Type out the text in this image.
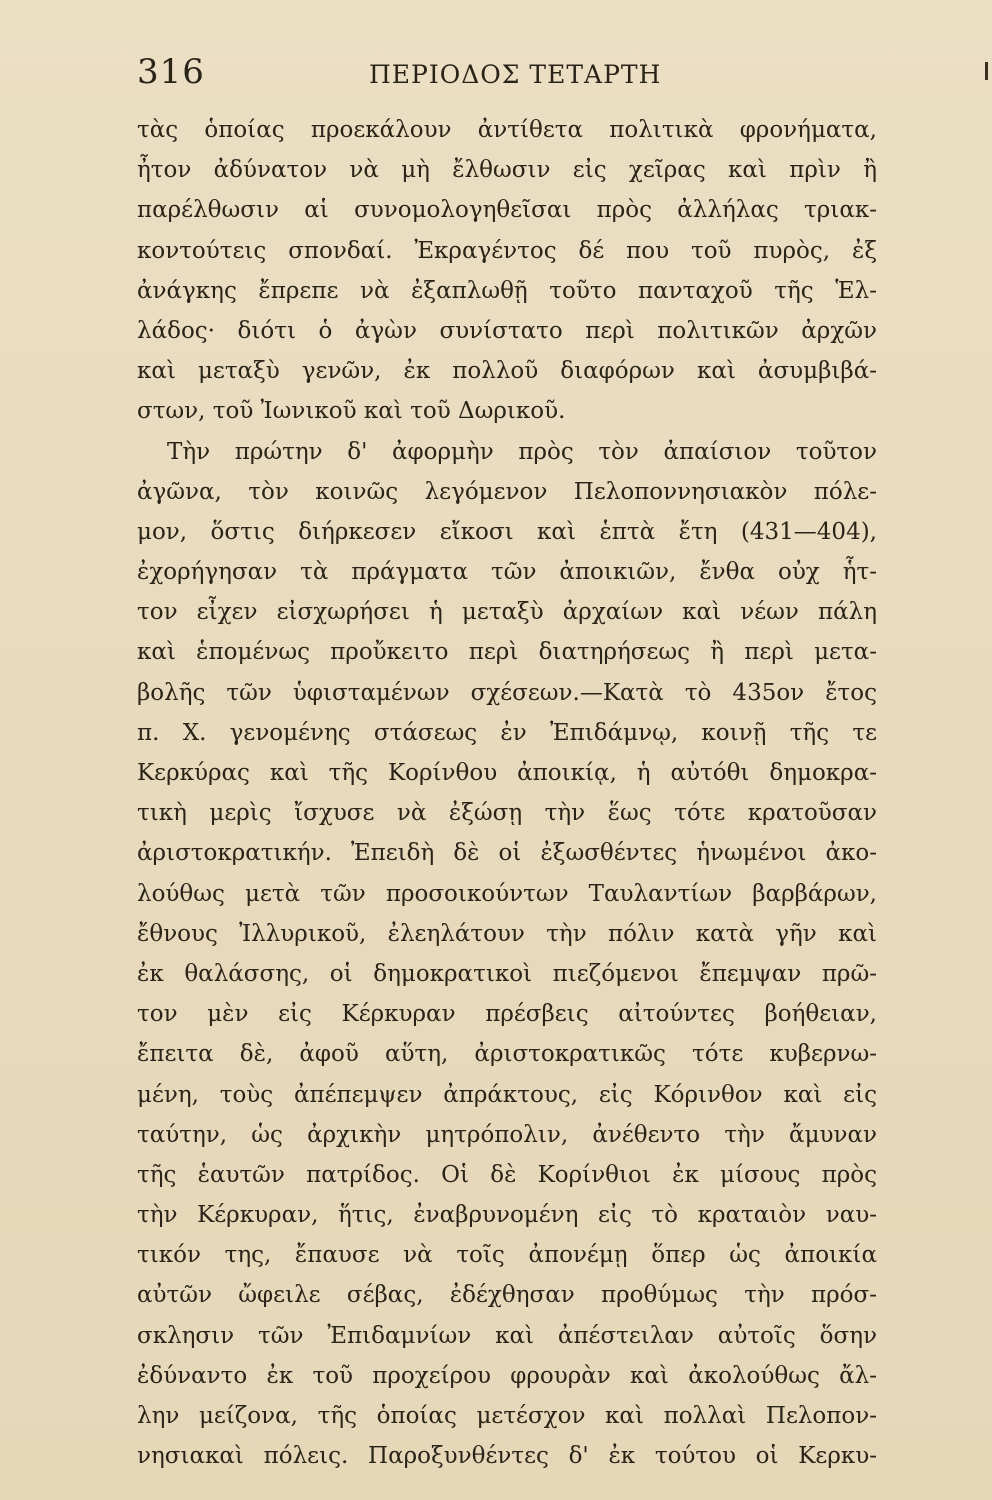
316	ΠΕΡΙΟΔΟΣ ΤΕΤΑΡΤΗ
τὰς ὁποίας προεκάλουν ἀντίθετα πολιτικὰ φρονήματα,
ἦτον ἀδύνατον νὰ μὴ ἔλθωσιν εἰς χεῖρας καὶ πρὶν ἢ
παρέλθωσιν αἱ συνομολογηθεῖσαι πρὸς ἀλλήλας τριακ-
κοντούτεις σπονδαί. Ἐκραγέντος δέ που τοῦ πυρὸς, ἐξ
ἀνάγκης ἔπρεπε νὰ ἐξαπλωθῇ τοῦτο πανταχοῦ τῆς Ἑλ-
λάδος· διότι ὁ ἀγὼν συνίστατο περὶ πολιτικῶν ἀρχῶν
καὶ μεταξὺ γενῶν, ἐκ πολλοῦ διαφόρων καὶ ἀσυμβιβά-
στων, τοῦ Ἰωνικοῦ καὶ τοῦ Δωρικοῦ.
Τὴν πρώτην δ' ἀφορμὴν πρὸς τὸν ἀπαίσιον τοῦτον
ἀγῶνα, τὸν κοινῶς λεγόμενον Πελοποννησιακὸν πόλε-
μον, ὅστις διήρκεσεν εἴκοσι καὶ ἑπτὰ ἔτη (431—404),
ἐχορήγησαν τὰ πράγματα τῶν ἀποικιῶν, ἔνθα οὐχ ἧτ-
τον εἶχεν εἰσχωρήσει ἡ μεταξὺ ἀρχαίων καὶ νέων πάλη
καὶ ἑπομένως προὔκειτο περὶ διατηρήσεως ἢ περὶ μετα-
βολῆς τῶν ὑφισταμένων σχέσεων.—Κατὰ τὸ 435ον ἔτος
π. Χ. γενομένης στάσεως ἐν Ἐπιδάμνῳ, κοινῇ τῆς τε
Κερκύρας καὶ τῆς Κορίνθου ἀποικίᾳ, ἡ αὐτόθι δημοκρα-
τικὴ μερὶς ἴσχυσε νὰ ἐξώσῃ τὴν ἕως τότε κρατοῦσαν
ἀριστοκρατικήν. Ἐπειδὴ δὲ οἱ ἐξωσθέντες ἡνωμένοι ἀκο-
λούθως μετὰ τῶν προσοικούντων Ταυλαντίων βαρβάρων,
ἔθνους Ἰλλυρικοῦ, ἐλεηλάτουν τὴν πόλιν κατὰ γῆν καὶ
ἐκ θαλάσσης, οἱ δημοκρατικοὶ πιεζόμενοι ἔπεμψαν πρῶ-
τον μὲν εἰς Κέρκυραν πρέσβεις αἰτούντες βοήθειαν,
ἔπειτα δὲ, ἀφοῦ αὕτη, ἀριστοκρατικῶς τότε κυβερνω-
μένη, τοὺς ἀπέπεμψεν ἀπράκτους, εἰς Κόρινθον καὶ εἰς
ταύτην, ὡς ἀρχικὴν μητρόπολιν, ἀνέθεντο τὴν ἄμυναν
τῆς ἑαυτῶν πατρίδος. Οἱ δὲ Κορίνθιοι ἐκ μίσους πρὸς
τὴν Κέρκυραν, ἥτις, ἐναβρυνομένη εἰς τὸ κραταιὸν ναυ-
τικόν της, ἔπαυσε νὰ τοῖς ἀπονέμῃ ὅπερ ὡς ἀποικία
αὐτῶν ὤφειλε σέβας, ἐδέχθησαν προθύμως τὴν πρόσ-
σκλησιν τῶν Ἐπιδαμνίων καὶ ἀπέστειλαν αὐτοῖς ὅσην
ἐδύναντο ἐκ τοῦ προχείρου φρουρὰν καὶ ἀκολούθως ἄλ-
λην μείζονα, τῆς ὁποίας μετέσχον καὶ πολλαὶ Πελοπον-
νησιακαὶ πόλεις. Παροξυνθέντες δ' ἐκ τούτου οἱ Κερκυ-
